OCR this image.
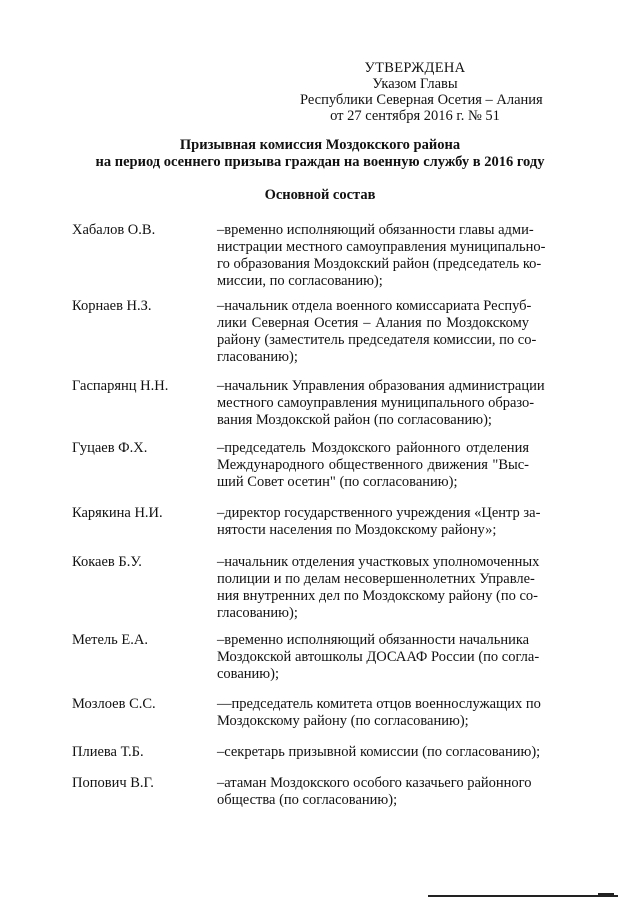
УТВЕРЖДЕНА
Указом Главы
Республики Северная Осетия – Алания
от 27 сентября 2016 г. № 51
Призывная комиссия Моздокского района
на период осеннего призыва граждан на военную службу в 2016 году
Основной состав
Хабалов О.В.	–временно исполняющий обязанности главы адми-
нистрации местного самоуправления муниципально-
го образования Моздокский район (председатель ко-
миссии, по согласованию);
Корнаев Н.З.	–начальник отдела военного комиссариата Респуб-
лики Северная Осетия – Алания по Моздокскому
району (заместитель председателя комиссии, по со-
гласованию);
Гаспарянц Н.Н.	–начальник Управления образования администрации
местного самоуправления муниципального образо-
вания Моздокской район (по согласованию);
Гуцаев Ф.Х.	–председатель Моздокского районного отделения
Международного общественного движения "Выс-
ший Совет осетин" (по согласованию);
Карякина Н.И.	–директор государственного учреждения «Центр за-
нятости населения по Моздокскому району»;
Кокаев Б.У.	–начальник отделения участковых уполномоченных
полиции и по делам несовершеннолетних Управле-
ния внутренних дел по Моздокскому району (по со-
гласованию);
Метель Е.А.	–временно исполняющий обязанности начальника
Моздокской автошколы ДОСААФ России (по согла-
сованию);
Мозлоев С.С.	—председатель комитета отцов военнослужащих по
Моздокскому району (по согласованию);
Плиева Т.Б.	–секретарь призывной комиссии (по согласованию);
Попович В.Г.	–атаман Моздокского особого казачьего районного
общества (по согласованию);
